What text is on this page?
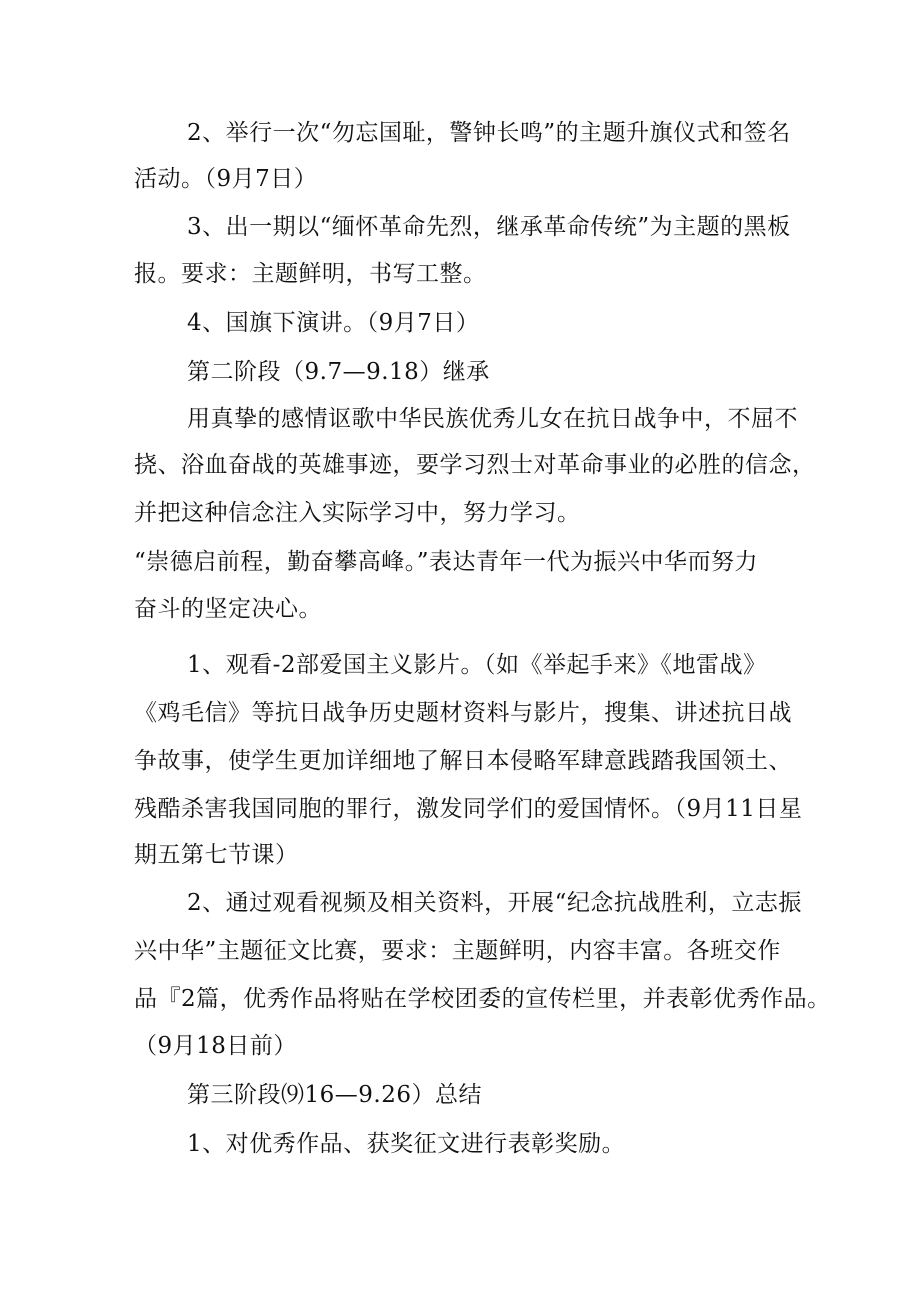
2、举行一次“勿忘国耻，警钟长鸣”的主题升旗仪式和签名
活动。（9月7日）
3、出一期以“缅怀革命先烈，继承革命传统”为主题的黑板
报。要求：主题鲜明，书写工整。
4、国旗下演讲。（9月7日）
第二阶段（9.7—9.18）继承
用真挚的感情讴歌中华民族优秀儿女在抗日战争中，不屈不
挠、浴血奋战的英雄事迹，要学习烈士对革命事业的必胜的信念，
并把这种信念注入实际学习中，努力学习。
“崇德启前程，勤奋攀高峰。”表达青年一代为振兴中华而努力
奋斗的坚定决心。
1、观看-2部爱国主义影片。（如《举起手来》《地雷战》
《鸡毛信》等抗日战争历史题材资料与影片，搜集、讲述抗日战
争故事，使学生更加详细地了解日本侵略军肆意践踏我国领土、
残酷杀害我国同胞的罪行，激发同学们的爱国情怀。（9月11日星
期五第七节课）
2、通过观看视频及相关资料，开展“纪念抗战胜利，立志振
兴中华”主题征文比赛，要求：主题鲜明，内容丰富。各班交作
品『2篇，优秀作品将贴在学校团委的宣传栏里，并表彰优秀作品。
（9月18日前）
第三阶段⑼16—9.26）总结
1、对优秀作品、获奖征文进行表彰奖励。
